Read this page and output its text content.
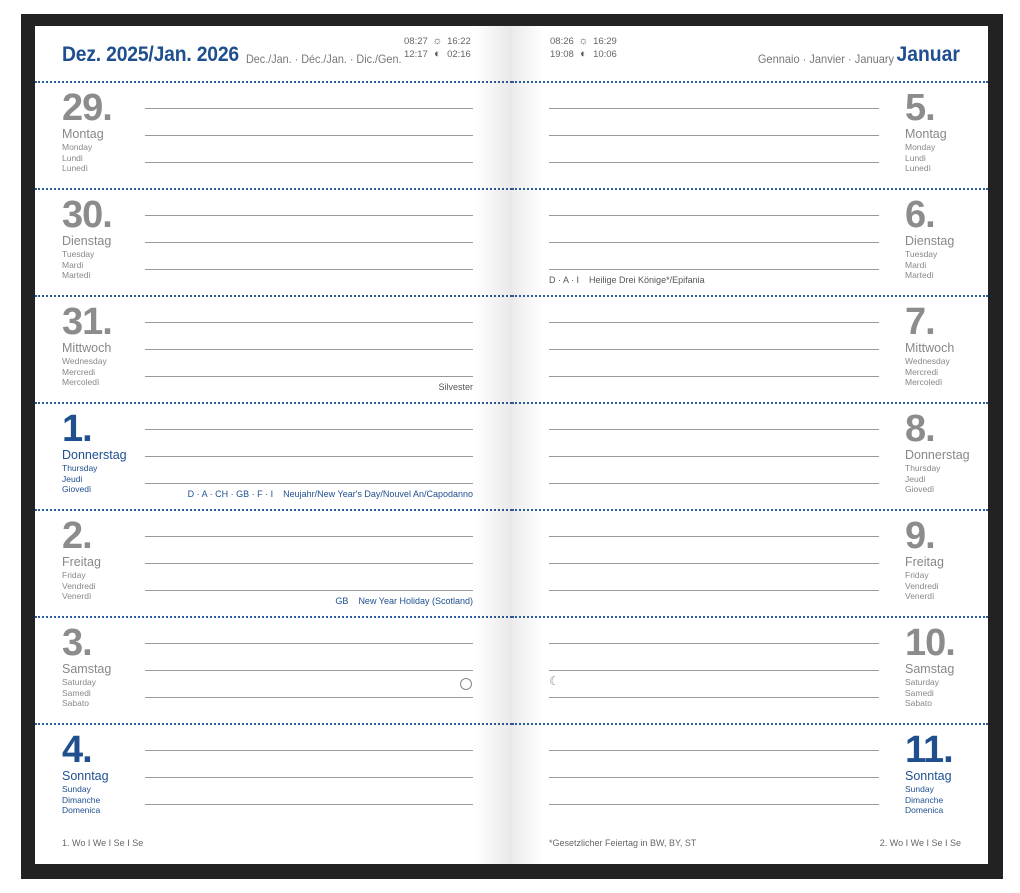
Dez. 2025/Jan. 2026 Dec./Jan. · Déc./Jan. · Dic./Gen.
08:27 ☼ 16:22
12:17 ◐ 02:16
29.
Montag
Monday
Lundi
Lunedì
30.
Dienstag
Tuesday
Mardi
Martedì
31.
Mittwoch
Wednesday
Mercredi
Mercoledì	Silvester
1.
Donnerstag
Thursday
Jeudi
Giovedì	D · A · CH · GB · F · I Neujahr/New Year's Day/Nouvel An/Capodanno
2.
Freitag
Friday
Vendredi
Venerdì	GB New Year Holiday (Scotland)
3.
Samstag
Saturday
Samedi
Sabato
4.
Sonntag
Sunday
Dimanche
Domenica
1. Wo I We I Se I Se
08:26 ☼ 16:29
19:08 ◐ 10:06	Gennaio · Janvier · January Januar
5.
Montag
Monday
Lundi
Lunedì
D · A · I Heilige Drei Könige*/Epifania
6.
Dienstag
Tuesday
Mardi
Martedì
7.
Mittwoch
Wednesday
Mercredi
Mercoledì
8.
Donnerstag
Thursday
Jeudi
Giovedì
9.
Freitag
Friday
Vendredi
Venerdì
☾
10.
Samstag
Saturday
Samedi
Sabato
11.
Sonntag
Sunday
Dimanche
Domenica
*Gesetzlicher Feiertag in BW, BY, ST	2. Wo I We I Se I Se
